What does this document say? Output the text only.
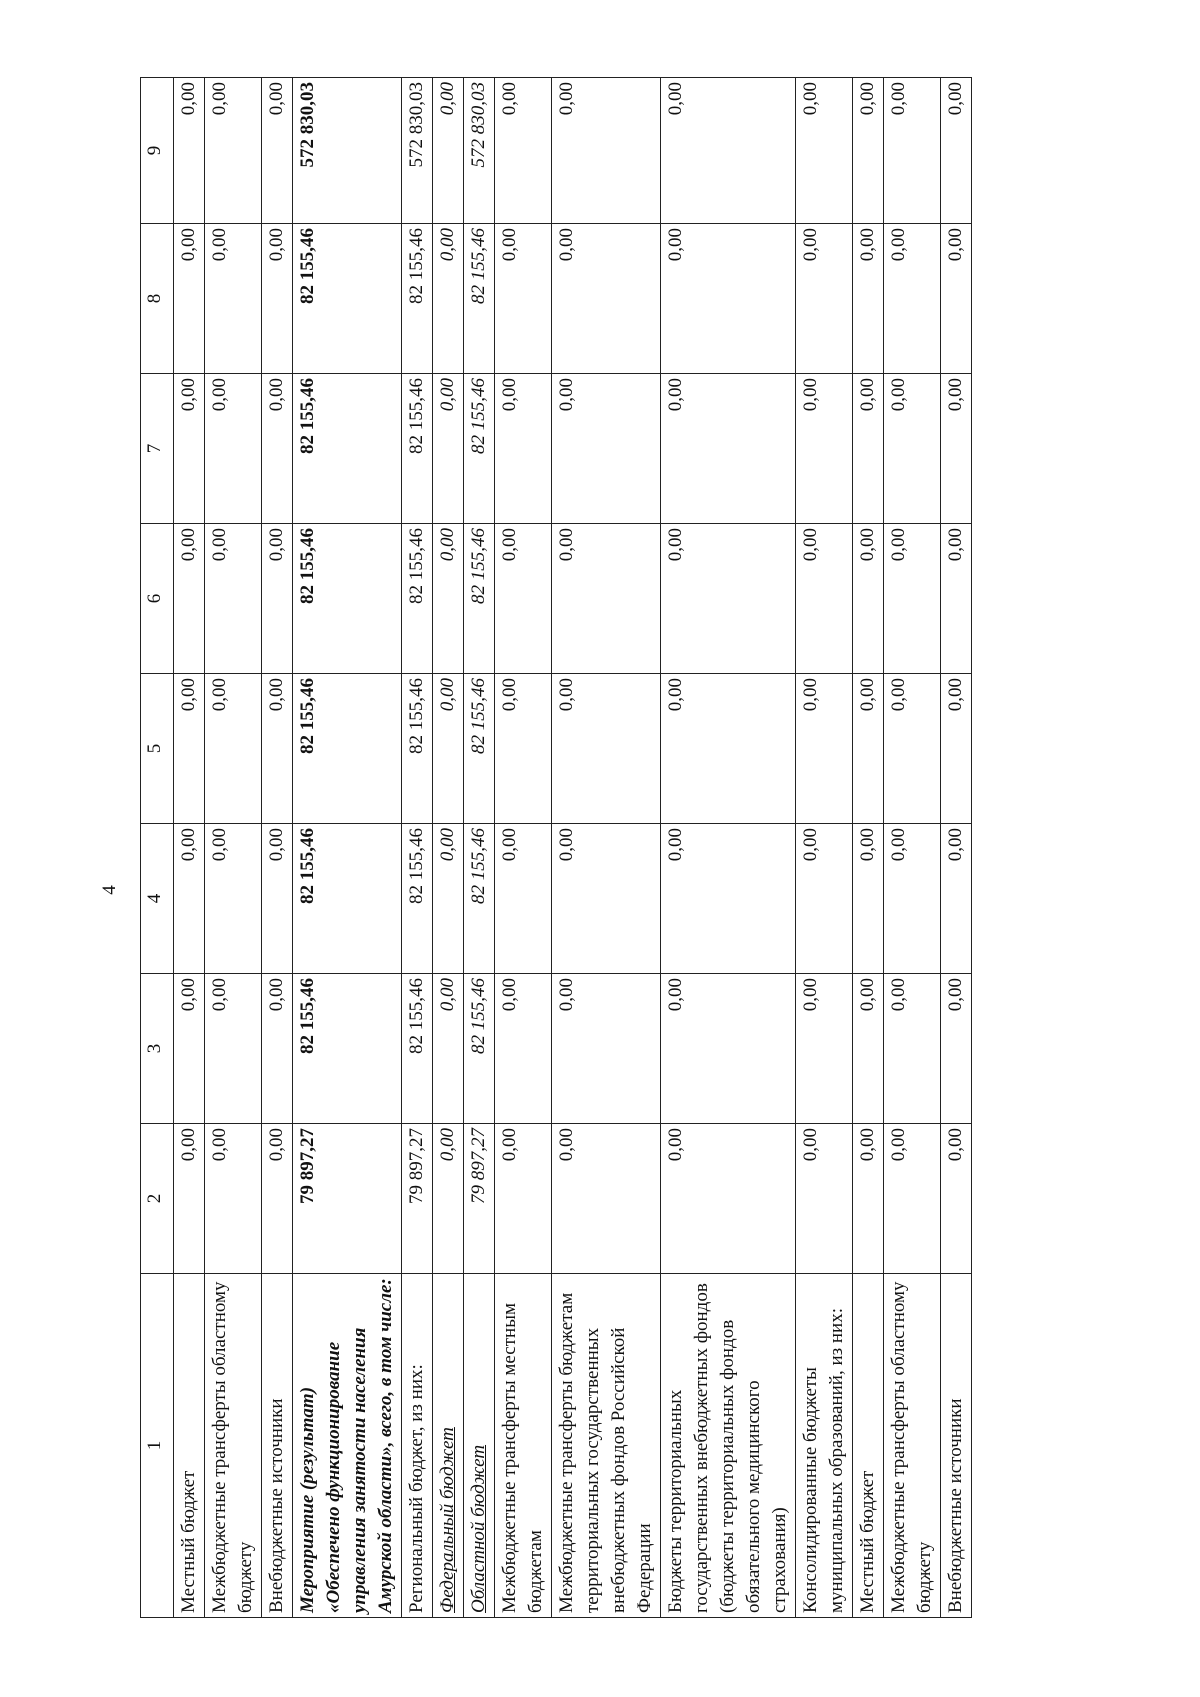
4
1	2	3	4	5	6	7	8	9
Местный бюджет	0,00	0,00	0,00	0,00	0,00	0,00	0,00	0,00
Межбюджетные трансферты областному бюджету	0,00	0,00	0,00	0,00	0,00	0,00	0,00	0,00
Внебюджетные источники	0,00	0,00	0,00	0,00	0,00	0,00	0,00	0,00
Мероприятие (результат) «Обеспечено функционирование управления занятости населения Амурской области», всего, в том числе:	79 897,27	82 155,46	82 155,46	82 155,46	82 155,46	82 155,46	82 155,46	572 830,03
Региональный бюджет, из них:	79 897,27	82 155,46	82 155,46	82 155,46	82 155,46	82 155,46	82 155,46	572 830,03
Федеральный бюджет	0,00	0,00	0,00	0,00	0,00	0,00	0,00	0,00
Областной бюджет	79 897,27	82 155,46	82 155,46	82 155,46	82 155,46	82 155,46	82 155,46	572 830,03
Межбюджетные трансферты местным бюджетам	0,00	0,00	0,00	0,00	0,00	0,00	0,00	0,00
Межбюджетные трансферты бюджетам территориальных государственных внебюджетных фондов Российской Федерации	0,00	0,00	0,00	0,00	0,00	0,00	0,00	0,00
Бюджеты территориальных государственных внебюджетных фондов (бюджеты территориальных фондов обязательного медицинского страхования)	0,00	0,00	0,00	0,00	0,00	0,00	0,00	0,00
Консолидированные бюджеты муниципальных образований, из них:	0,00	0,00	0,00	0,00	0,00	0,00	0,00	0,00
Местный бюджет	0,00	0,00	0,00	0,00	0,00	0,00	0,00	0,00
Межбюджетные трансферты областному бюджету	0,00	0,00	0,00	0,00	0,00	0,00	0,00	0,00
Внебюджетные источники	0,00	0,00	0,00	0,00	0,00	0,00	0,00	0,00
